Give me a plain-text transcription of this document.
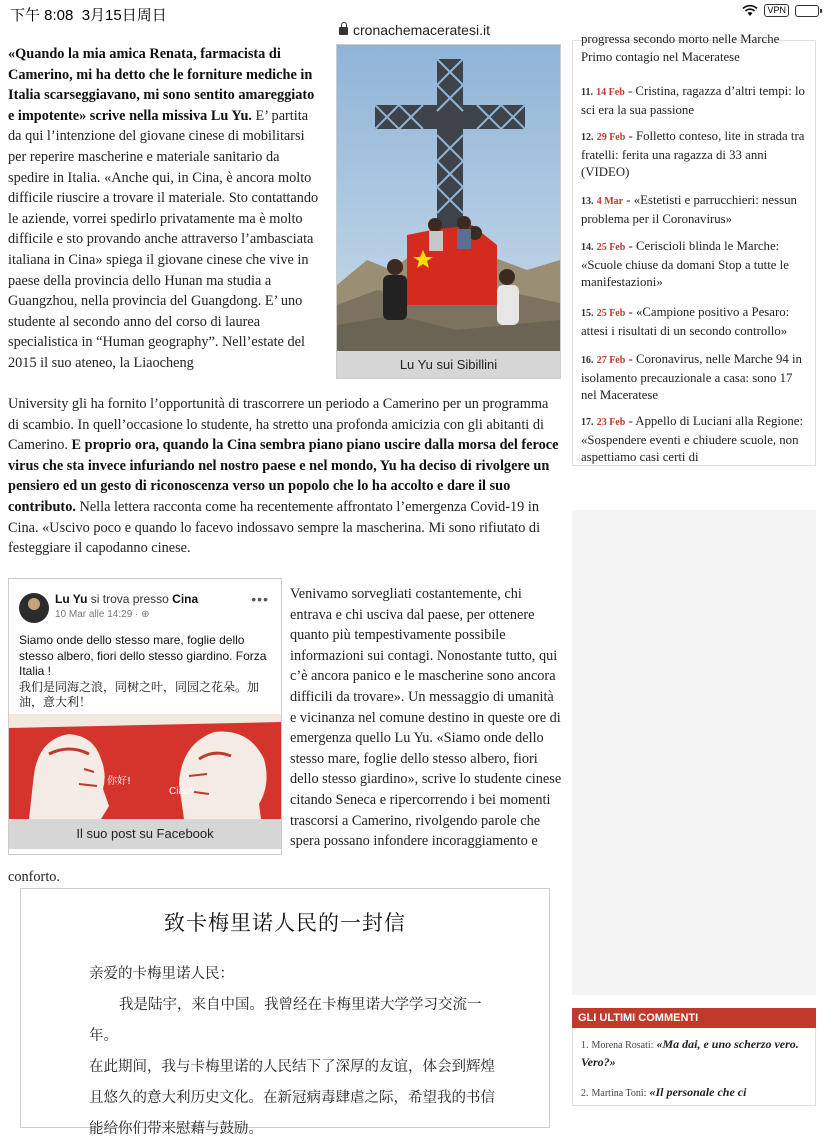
下午 8:08 3月15日周日
cronachemaceratesi.it
VPN

«Quando la mia amica Renata, farmacista di Camerino, mi ha detto che le forniture mediche in Italia scarseggiavano, mi sono sentito amareggiato e impotente» scrive nella missiva Lu Yu. E’ partita da qui l’intenzione del giovane cinese di mobilitarsi per reperire mascherine e materiale sanitario da spedire in Italia. «Anche qui, in Cina, è ancora molto difficile riuscire a trovare il materiale. Sto contattando le aziende, vorrei spedirlo privatamente ma è molto difficile e sto provando anche attraverso l’ambasciata italiana in Cina» spiega il giovane cinese che vive in paese della provincia dello Hunan ma studia a Guangzhou, nella provincia del Guangdong. E’ uno studente al secondo anno del corso di laurea specialistica in “Human geography”. Nell’estate del 2015 il suo ateneo, la Liaocheng

University gli ha fornito l’opportunità di trascorrere un periodo a Camerino per un programma di scambio. In quell’occasione lo studente, ha stretto una profonda amicizia con gli abitanti di Camerino. E proprio ora, quando la Cina sembra piano piano uscire dalla morsa del feroce virus che sta invece infuriando nel nostro paese e nel mondo, Yu ha deciso di rivolgere un pensiero ed un gesto di riconoscenza verso un popolo che lo ha accolto e dare il suo contributo. Nella lettera racconta come ha recentemente affrontato l’emergenza Covid-19 in Cina. «Uscivo poco e quando lo facevo indossavo sempre la mascherina. Mi sono rifiutato di festeggiare il capodanno cinese.

Venivamo sorvegliati costantemente, chi entrava e chi usciva dal paese, per ottenere quanto più tempestivamente possibile informazioni sui contagi. Nonostante tutto, qui c’è ancora panico e le mascherine sono ancora difficili da trovare». Un messaggio di umanità e vicinanza nel comune destino in queste ore di emergenza quello Lu Yu. «Siamo onde dello stesso mare, foglie dello stesso albero, fiori dello stesso giardino», scrive lo studente cinese citando Seneca e ripercorrendo i bei momenti trascorsi a Camerino, rivolgendo parole che spera possano infondere incoraggiamento e

conforto.

Lu Yu sui Sibillini
Lu Yu si trova presso Cina
10 Mar alle 14:29 · ⊕
•••
Siamo onde dello stesso mare, foglie dello stesso albero, fiori dello stesso giardino. Forza Italia !
我们是同海之浪，同树之叶，同园之花朵。加油，意大利！
你好!
Ciao!
Il suo post su Facebook
致卡梅里诺人民的一封信
亲爱的卡梅里诺人民：
我是陆宇，来自中国。我曾经在卡梅里诺大学学习交流一年。
在此期间，我与卡梅里诺的人民结下了深厚的友谊，体会到辉煌
且悠久的意大利历史文化。在新冠病毒肆虐之际，希望我的书信
能给你们带来慰藉与鼓励。
progressa secondo morto nelle Marche
Primo contagio nel Maceratese
11. 14 Feb - Cristina, ragazza d’altri tempi: lo sci era la sua passione
12. 29 Feb - Folletto conteso, lite in strada tra fratelli: ferita una ragazza di 33 anni (VIDEO)
13. 4 Mar - «Estetisti e parrucchieri: nessun problema per il Coronavirus»
14. 25 Feb - Ceriscioli blinda le Marche: «Scuole chiuse da domani Stop a tutte le manifestazioni»
15. 25 Feb - «Campione positivo a Pesaro: attesi i risultati di un secondo controllo»
16. 27 Feb - Coronavirus, nelle Marche 94 in isolamento precauzionale a casa: sono 17 nel Maceratese
17. 23 Feb - Appello di Luciani alla Regione: «Sospendere eventi e chiudere scuole, non aspettiamo casi certi di
GLI ULTIMI COMMENTI
1. Morena Rosati: «Ma dai, e uno scherzo vero. Vero?»
2. Martina Toni: «Il personale che ci
